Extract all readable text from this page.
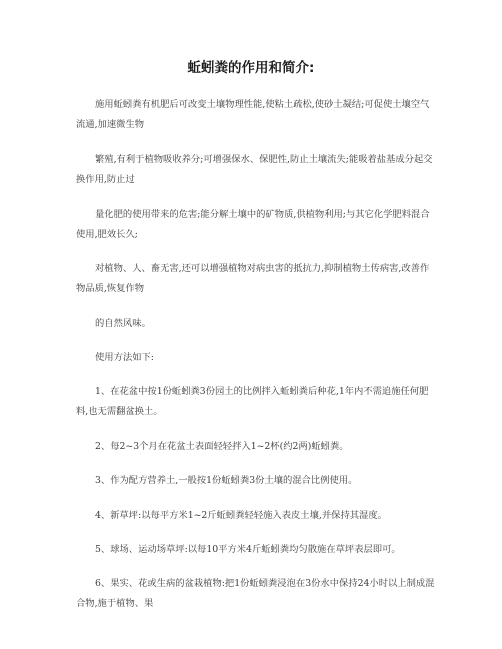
蚯蚓粪的作用和简介:
施用蚯蚓粪有机肥后可改变土壤物理性能,使粘土疏松,使砂土凝结;可促使土壤空气流通,加速微生物
繁殖,有利于植物吸收养分;可增强保水、保肥性,防止土壤流失;能吸着盐基成分起交换作用,防止过
量化肥的使用带来的危害;能分解土壤中的矿物质,供植物利用;与其它化学肥料混合使用,肥效长久;
对植物、人、畜无害,还可以增强植物对病虫害的抵抗力,抑制植物土传病害,改善作物品质,恢复作物
的自然风味。
使用方法如下:
1、在花盆中按1份蚯蚓粪3份园土的比例拌入蚯蚓粪后种花,1年内不需追施任何肥料,也无需翻盆换土。
2、每2~3个月在花盆土表面轻轻拌入1~2杯(约2两)蚯蚓粪。
3、作为配方营养土,一般按1份蚯蚓粪3份土壤的混合比例使用。
4、新草坪:以每平方米1~2斤蚯蚓粪轻轻施入表皮土壤,并保持其湿度。
5、球场、运动场草坪:以每10平方米4斤蚯蚓粪均匀散施在草坪表层即可。
6、果实、花或生病的盆栽植物:把1份蚯蚓粪浸泡在3份水中保持24小时以上制成混合物,施于植物、果
